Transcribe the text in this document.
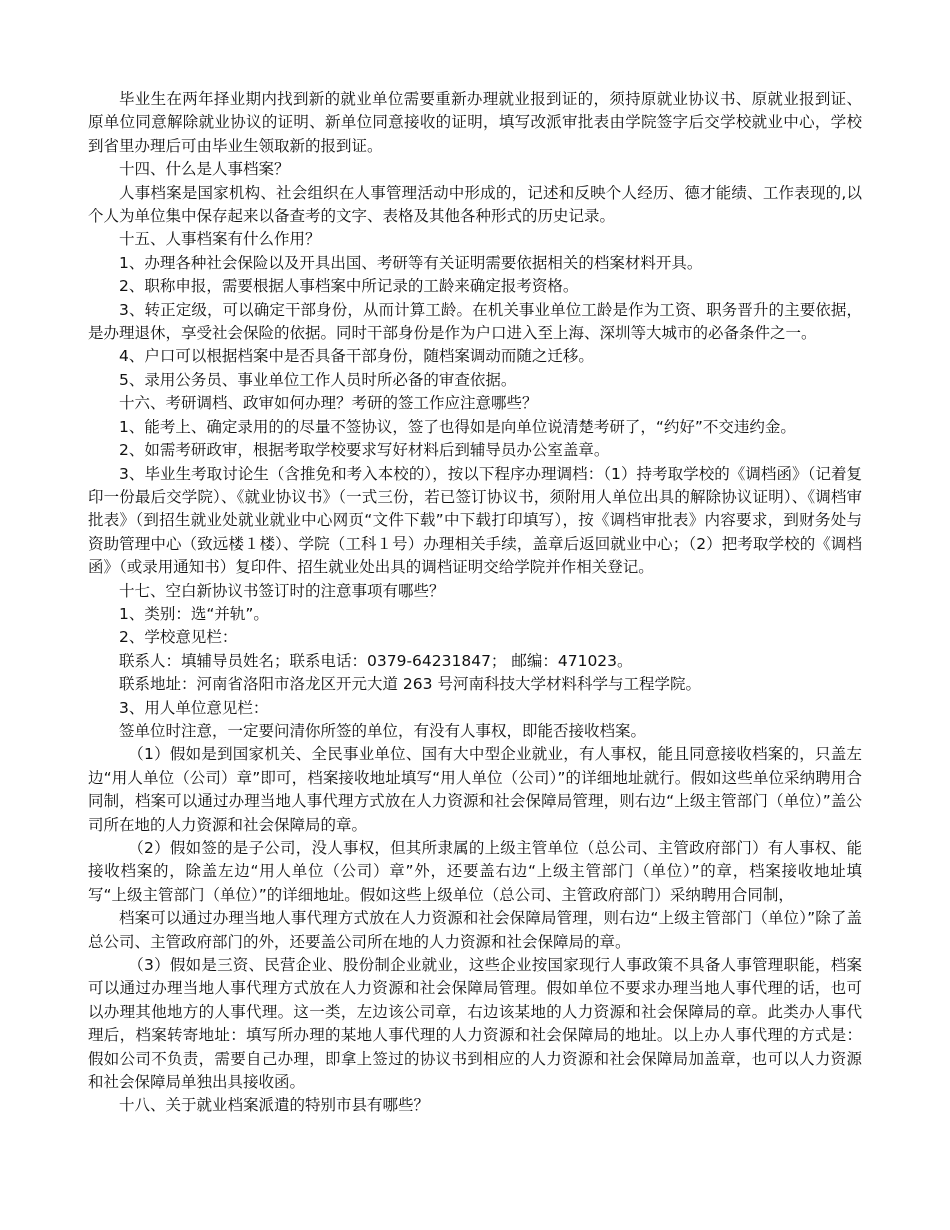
毕业生在两年择业期内找到新的就业单位需要重新办理就业报到证的，须持原就业协议书、原就业报到证、原单位同意解除就业协议的证明、新单位同意接收的证明，填写改派审批表由学院签字后交学校就业中心，学校到省里办理后可由毕业生领取新的报到证。

十四、什么是人事档案？

人事档案是国家机构、社会组织在人事管理活动中形成的，记述和反映个人经历、德才能绩、工作表现的,以个人为单位集中保存起来以备查考的文字、表格及其他各种形式的历史记录。

十五、人事档案有什么作用？

1、办理各种社会保险以及开具出国、考研等有关证明需要依据相关的档案材料开具。

2、职称申报，需要根据人事档案中所记录的工龄来确定报考资格。

3、转正定级，可以确定干部身份，从而计算工龄。在机关事业单位工龄是作为工资、职务晋升的主要依据，是办理退休，享受社会保险的依据。同时干部身份是作为户口进入至上海、深圳等大城市的必备条件之一。

4、户口可以根据档案中是否具备干部身份，随档案调动而随之迁移。

5、录用公务员、事业单位工作人员时所必备的审查依据。

十六、考研调档、政审如何办理？考研的签工作应注意哪些？

1、能考上、确定录用的的尽量不签协议，签了也得如是向单位说清楚考研了，“约好”不交违约金。

2、如需考研政审，根据考取学校要求写好材料后到辅导员办公室盖章。

3、毕业生考取讨论生（含推免和考入本校的），按以下程序办理调档：（1）持考取学校的《调档函》（记着复印一份最后交学院）、《就业协议书》（一式三份，若已签订协议书，须附用人单位出具的解除协议证明）、《调档审批表》（到招生就业处就业就业中心网页“文件下载”中下载打印填写），按《调档审批表》内容要求，到财务处与资助管理中心（致远楼１楼）、学院（工科１号）办理相关手续，盖章后返回就业中心；（2）把考取学校的《调档函》（或录用通知书）复印件、招生就业处出具的调档证明交给学院并作相关登记。

十七、空白新协议书签订时的注意事项有哪些？

1、类别：选“并轨”。

2、学校意见栏：

联系人：填辅导员姓名；联系电话：0379-64231847； 邮编：471023。

联系地址：河南省洛阳市洛龙区开元大道 263 号河南科技大学材料科学与工程学院。

3、用人单位意见栏：

签单位时注意，一定要问清你所签的单位，有没有人事权，即能否接收档案。

（1）假如是到国家机关、全民事业单位、国有大中型企业就业，有人事权，能且同意接收档案的，只盖左边“用人单位（公司）章”即可，档案接收地址填写“用人单位（公司）”的详细地址就行。假如这些单位采纳聘用合同制，档案可以通过办理当地人事代理方式放在人力资源和社会保障局管理，则右边“上级主管部门（单位）”盖公司所在地的人力资源和社会保障局的章。

（2）假如签的是子公司，没人事权，但其所隶属的上级主管单位（总公司、主管政府部门）有人事权、能接收档案的，除盖左边“用人单位（公司）章”外，还要盖右边“上级主管部门（单位）”的章，档案接收地址填写“上级主管部门（单位）”的详细地址。假如这些上级单位（总公司、主管政府部门）采纳聘用合同制，

档案可以通过办理当地人事代理方式放在人力资源和社会保障局管理，则右边“上级主管部门（单位）”除了盖总公司、主管政府部门的外，还要盖公司所在地的人力资源和社会保障局的章。

（3）假如是三资、民营企业、股份制企业就业，这些企业按国家现行人事政策不具备人事管理职能，档案可以通过办理当地人事代理方式放在人力资源和社会保障局管理。假如单位不要求办理当地人事代理的话，也可以办理其他地方的人事代理。这一类，左边该公司章，右边该某地的人力资源和社会保障局的章。此类办人事代理后，档案转寄地址：填写所办理的某地人事代理的人力资源和社会保障局的地址。以上办人事代理的方式是：假如公司不负责，需要自己办理，即拿上签过的协议书到相应的人力资源和社会保障局加盖章，也可以人力资源和社会保障局单独出具接收函。

十八、关于就业档案派遣的特别市县有哪些？
